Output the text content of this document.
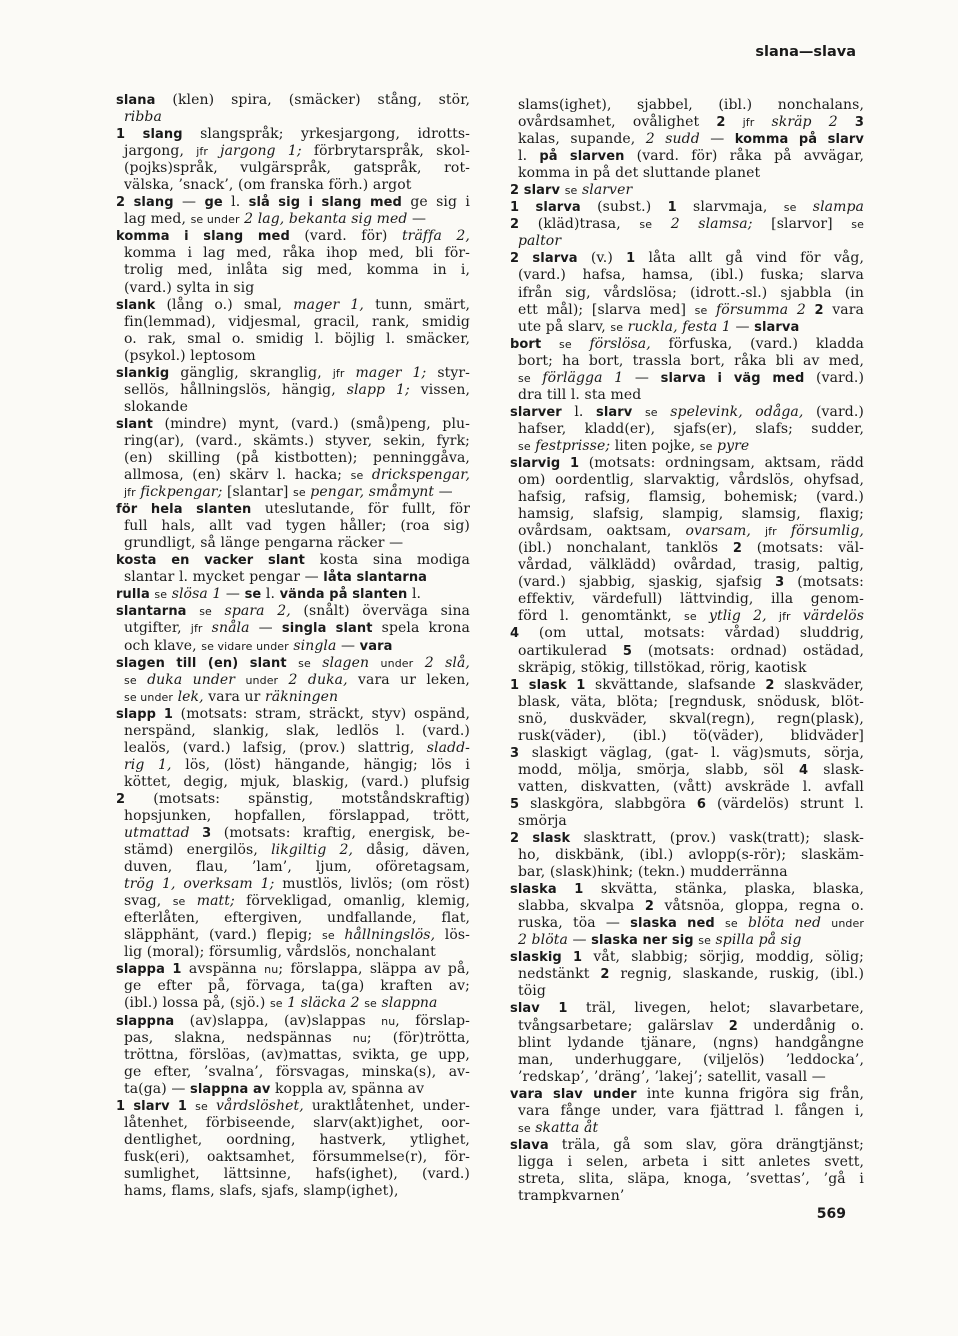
slana—slava
slana (klen) spira, (smäcker) stång, stör,
ribba
1 slang slangspråk; yrkesjargong, idrotts-
jargong, jfr jargong 1; förbrytarspråk, skol-
(pojks)språk, vulgärspråk, gatspråk, rot-
välska, ’snack’, (om franska förh.) argot
2 slang — ge l. slå sig i slang med ge sig i
lag med, se under 2 lag, bekanta sig med —
komma i slang med (vard. för) träffa 2,
komma i lag med, råka ihop med, bli för-
trolig med, inlåta sig med, komma in i,
(vard.) sylta in sig
slank (lång o.) smal, mager 1, tunn, smärt,
fin(lemmad), vidjesmal, gracil, rank, smidig
o. rak, smal o. smidig l. böjlig l. smäcker,
(psykol.) leptosom
slankig gänglig, skranglig, jfr mager 1; styr-
sellös, hållningslös, hängig, slapp 1; vissen,
slokande
slant (mindre) mynt, (vard.) (små)peng, plu-
ring(ar), (vard., skämts.) styver, sekin, fyrk;
(en) skilling (på kistbotten); penninggåva,
allmosa, (en) skärv l. hacka; se drickspengar,
jfr fickpengar; [slantar] se pengar, småmynt —
för hela slanten uteslutande, för fullt, för
full hals, allt vad tygen håller; (roa sig)
grundligt, så länge pengarna räcker —
kosta en vacker slant kosta sina modiga
slantar l. mycket pengar — låta slantarna
rulla se slösa 1 — se l. vända på slanten l.
slantarna se spara 2, (snålt) överväga sina
utgifter, jfr snåla — singla slant spela krona
och klave, se vidare under singla — vara
slagen till (en) slant se slagen under 2 slå,
se duka under under 2 duka, vara ur leken,
se under lek, vara ur räkningen
slapp 1 (motsats: stram, sträckt, styv) ospänd,
nerspänd, slankig, slak, ledlös l. (vard.)
lealös, (vard.) lafsig, (prov.) slattrig, sladd-
rig 1, lös, (löst) hängande, hängig; lös i
köttet, degig, mjuk, blaskig, (vard.) plufsig
2 (motsats: spänstig, motståndskraftig)
hopsjunken, hopfallen, förslappad, trött,
utmattad 3 (motsats: kraftig, energisk, be-
stämd) energilös, likgiltig 2, dåsig, däven,
duven, flau, ’lam’, ljum, oföretagsam,
trög 1, overksam 1; mustlös, livlös; (om röst)
svag, se matt; förvekligad, omanlig, klemig,
efterlåten, eftergiven, undfallande, flat,
släpphänt, (vard.) flepig; se hållningslös, lös-
lig (moral); försumlig, vårdslös, nonchalant
slappa 1 avspänna nu; förslappa, släppa av på,
ge efter på, förvaga, ta(ga) kraften av;
(ibl.) lossa på, (sjö.) se 1 släcka 2 se slappna
slappna (av)slappa, (av)slappas nu, förslap-
pas, slakna, nedspännas nu; (för)trötta,
tröttna, förslöas, (av)mattas, svikta, ge upp,
ge efter, ’svalna’, försvagas, minska(s), av-
ta(ga) — slappna av koppla av, spänna av
1 slarv 1 se vårdslöshet, uraktlåtenhet, under-
låtenhet, förbiseende, slarv(akt)ighet, oor-
dentlighet, oordning, hastverk, ytlighet,
fusk(eri), oaktsamhet, försummelse(r), för-
sumlighet, lättsinne, hafs(ighet), (vard.)
hams, flams, slafs, sjafs, slamp(ighet),
slams(ighet), sjabbel, (ibl.) nonchalans,
ovårdsamhet, ovålighet 2 jfr skräp 2 3
kalas, supande, 2 sudd — komma på slarv
l. på slarven (vard. för) råka på avvägar,
komma in på det sluttande planet
2 slarv se slarver
1 slarva (subst.) 1 slarvmaja, se slampa
2 (kläd)trasa, se 2 slamsa; [slarvor] se
paltor
2 slarva (v.) 1 låta allt gå vind för våg,
(vard.) hafsa, hamsa, (ibl.) fuska; slarva
ifrån sig, vårdslösa; (idrott.-sl.) sjabbla (in
ett mål); [slarva med] se försumma 2 2 vara
ute på slarv, se ruckla, festa 1 — slarva
bort se förslösa, förfuska, (vard.) kladda
bort; ha bort, trassla bort, råka bli av med,
se förlägga 1 — slarva i väg med (vard.)
dra till l. sta med
slarver l. slarv se spelevink, odåga, (vard.)
hafser, kladd(er), sjafs(er), slafs; sudder,
se festprisse; liten pojke, se pyre
slarvig 1 (motsats: ordningsam, aktsam, rädd
om) oordentlig, slarvaktig, vårdslös, ohyfsad,
hafsig, rafsig, flamsig, bohemisk; (vard.)
hamsig, slafsig, slampig, slamsig, flaxig;
ovårdsam, oaktsam, ovarsam, jfr försumlig,
(ibl.) nonchalant, tanklös 2 (motsats: väl-
vårdad, välklädd) ovårdad, trasig, paltig,
(vard.) sjabbig, sjaskig, sjafsig 3 (motsats:
effektiv, värdefull) lättvindig, illa genom-
förd l. genomtänkt, se ytlig 2, jfr värdelös
4 (om uttal, motsats: vårdad) sluddrig,
oartikulerad 5 (motsats: ordnad) ostädad,
skräpig, stökig, tillstökad, rörig, kaotisk
1 slask 1 skvättande, slafsande 2 slaskväder,
blask, väta, blöta; [regndusk, snödusk, blöt-
snö, duskväder, skval(regn), regn(plask),
rusk(väder), (ibl.) tö(väder), blidväder]
3 slaskigt väglag, (gat- l. väg)smuts, sörja,
modd, mölja, smörja, slabb, söl 4 slask-
vatten, diskvatten, (vått) avskräde l. avfall
5 slaskgöra, slabbgöra 6 (värdelös) strunt l.
smörja
2 slask slasktratt, (prov.) vask(tratt); slask-
ho, diskbänk, (ibl.) avlopp(s-rör); slaskäm-
bar, (slask)hink; (tekn.) mudderränna
slaska 1 skvätta, stänka, plaska, blaska,
slabba, skvalpa 2 våtsnöa, gloppa, regna o.
ruska, töa — slaska ned se blöta ned under
2 blöta — slaska ner sig se spilla på sig
slaskig 1 våt, slabbig; sörjig, moddig, sölig;
nedstänkt 2 regnig, slaskande, ruskig, (ibl.)
töig
slav 1 träl, livegen, helot; slavarbetare,
tvångsarbetare; galärslav 2 underdånig o.
blint lydande tjänare, (ngns) handgångne
man, underhuggare, (viljelös) ’leddocka’,
’redskap’, ’dräng’, ’lakej’; satellit, vasall —
vara slav under inte kunna frigöra sig från,
vara fånge under, vara fjättrad l. fången i,
se skatta åt
slava träla, gå som slav, göra drängtjänst;
ligga i selen, arbeta i sitt anletes svett,
streta, slita, släpa, knoga, ’svettas’, ’gå i
trampkvarnen’
569
